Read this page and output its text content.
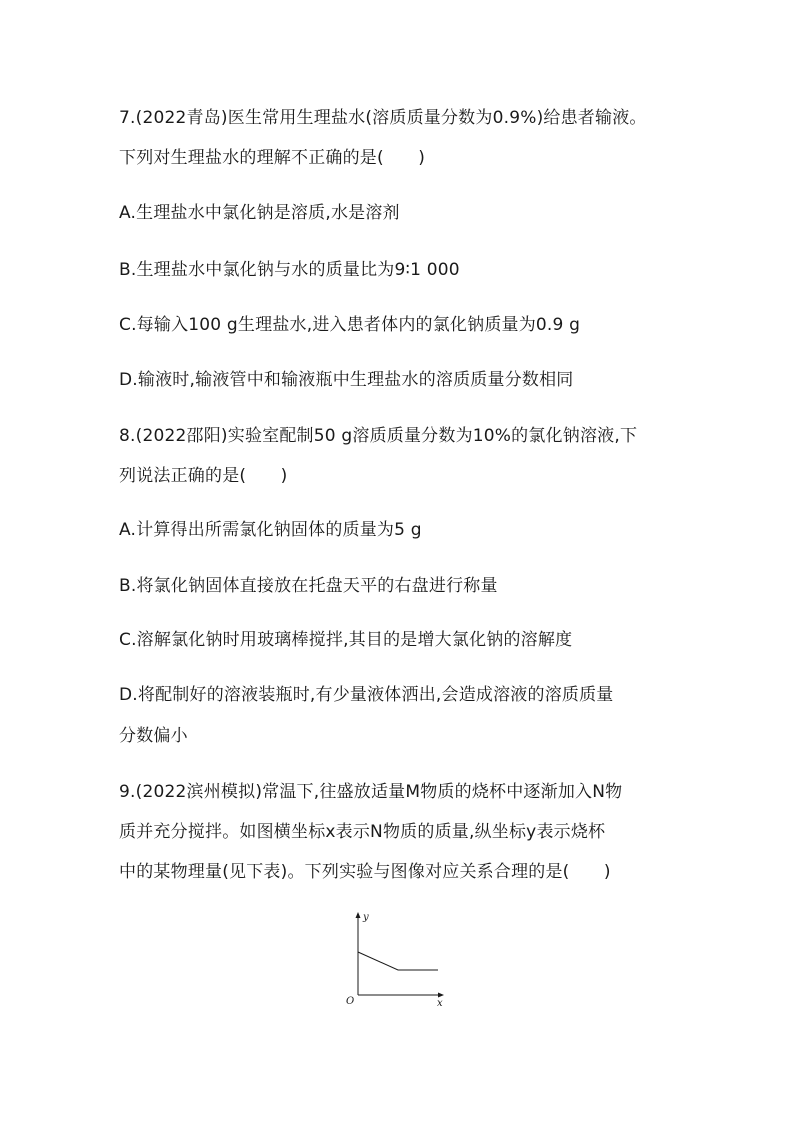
7.(2022青岛)医生常用生理盐水(溶质质量分数为0.9%)给患者输液。
下列对生理盐水的理解不正确的是(　　)
A.生理盐水中氯化钠是溶质,水是溶剂
B.生理盐水中氯化钠与水的质量比为9∶1 000
C.每输入100 g生理盐水,进入患者体内的氯化钠质量为0.9 g
D.输液时,输液管中和输液瓶中生理盐水的溶质质量分数相同
8.(2022邵阳)实验室配制50 g溶质质量分数为10%的氯化钠溶液,下
列说法正确的是(　　)
A.计算得出所需氯化钠固体的质量为5 g
B.将氯化钠固体直接放在托盘天平的右盘进行称量
C.溶解氯化钠时用玻璃棒搅拌,其目的是增大氯化钠的溶解度
D.将配制好的溶液装瓶时,有少量液体洒出,会造成溶液的溶质质量
分数偏小
9.(2022滨州模拟)常温下,往盛放适量M物质的烧杯中逐渐加入N物
质并充分搅拌。如图横坐标x表示N物质的质量,纵坐标y表示烧杯
中的某物理量(见下表)。下列实验与图像对应关系合理的是(　　)
y
x
O
